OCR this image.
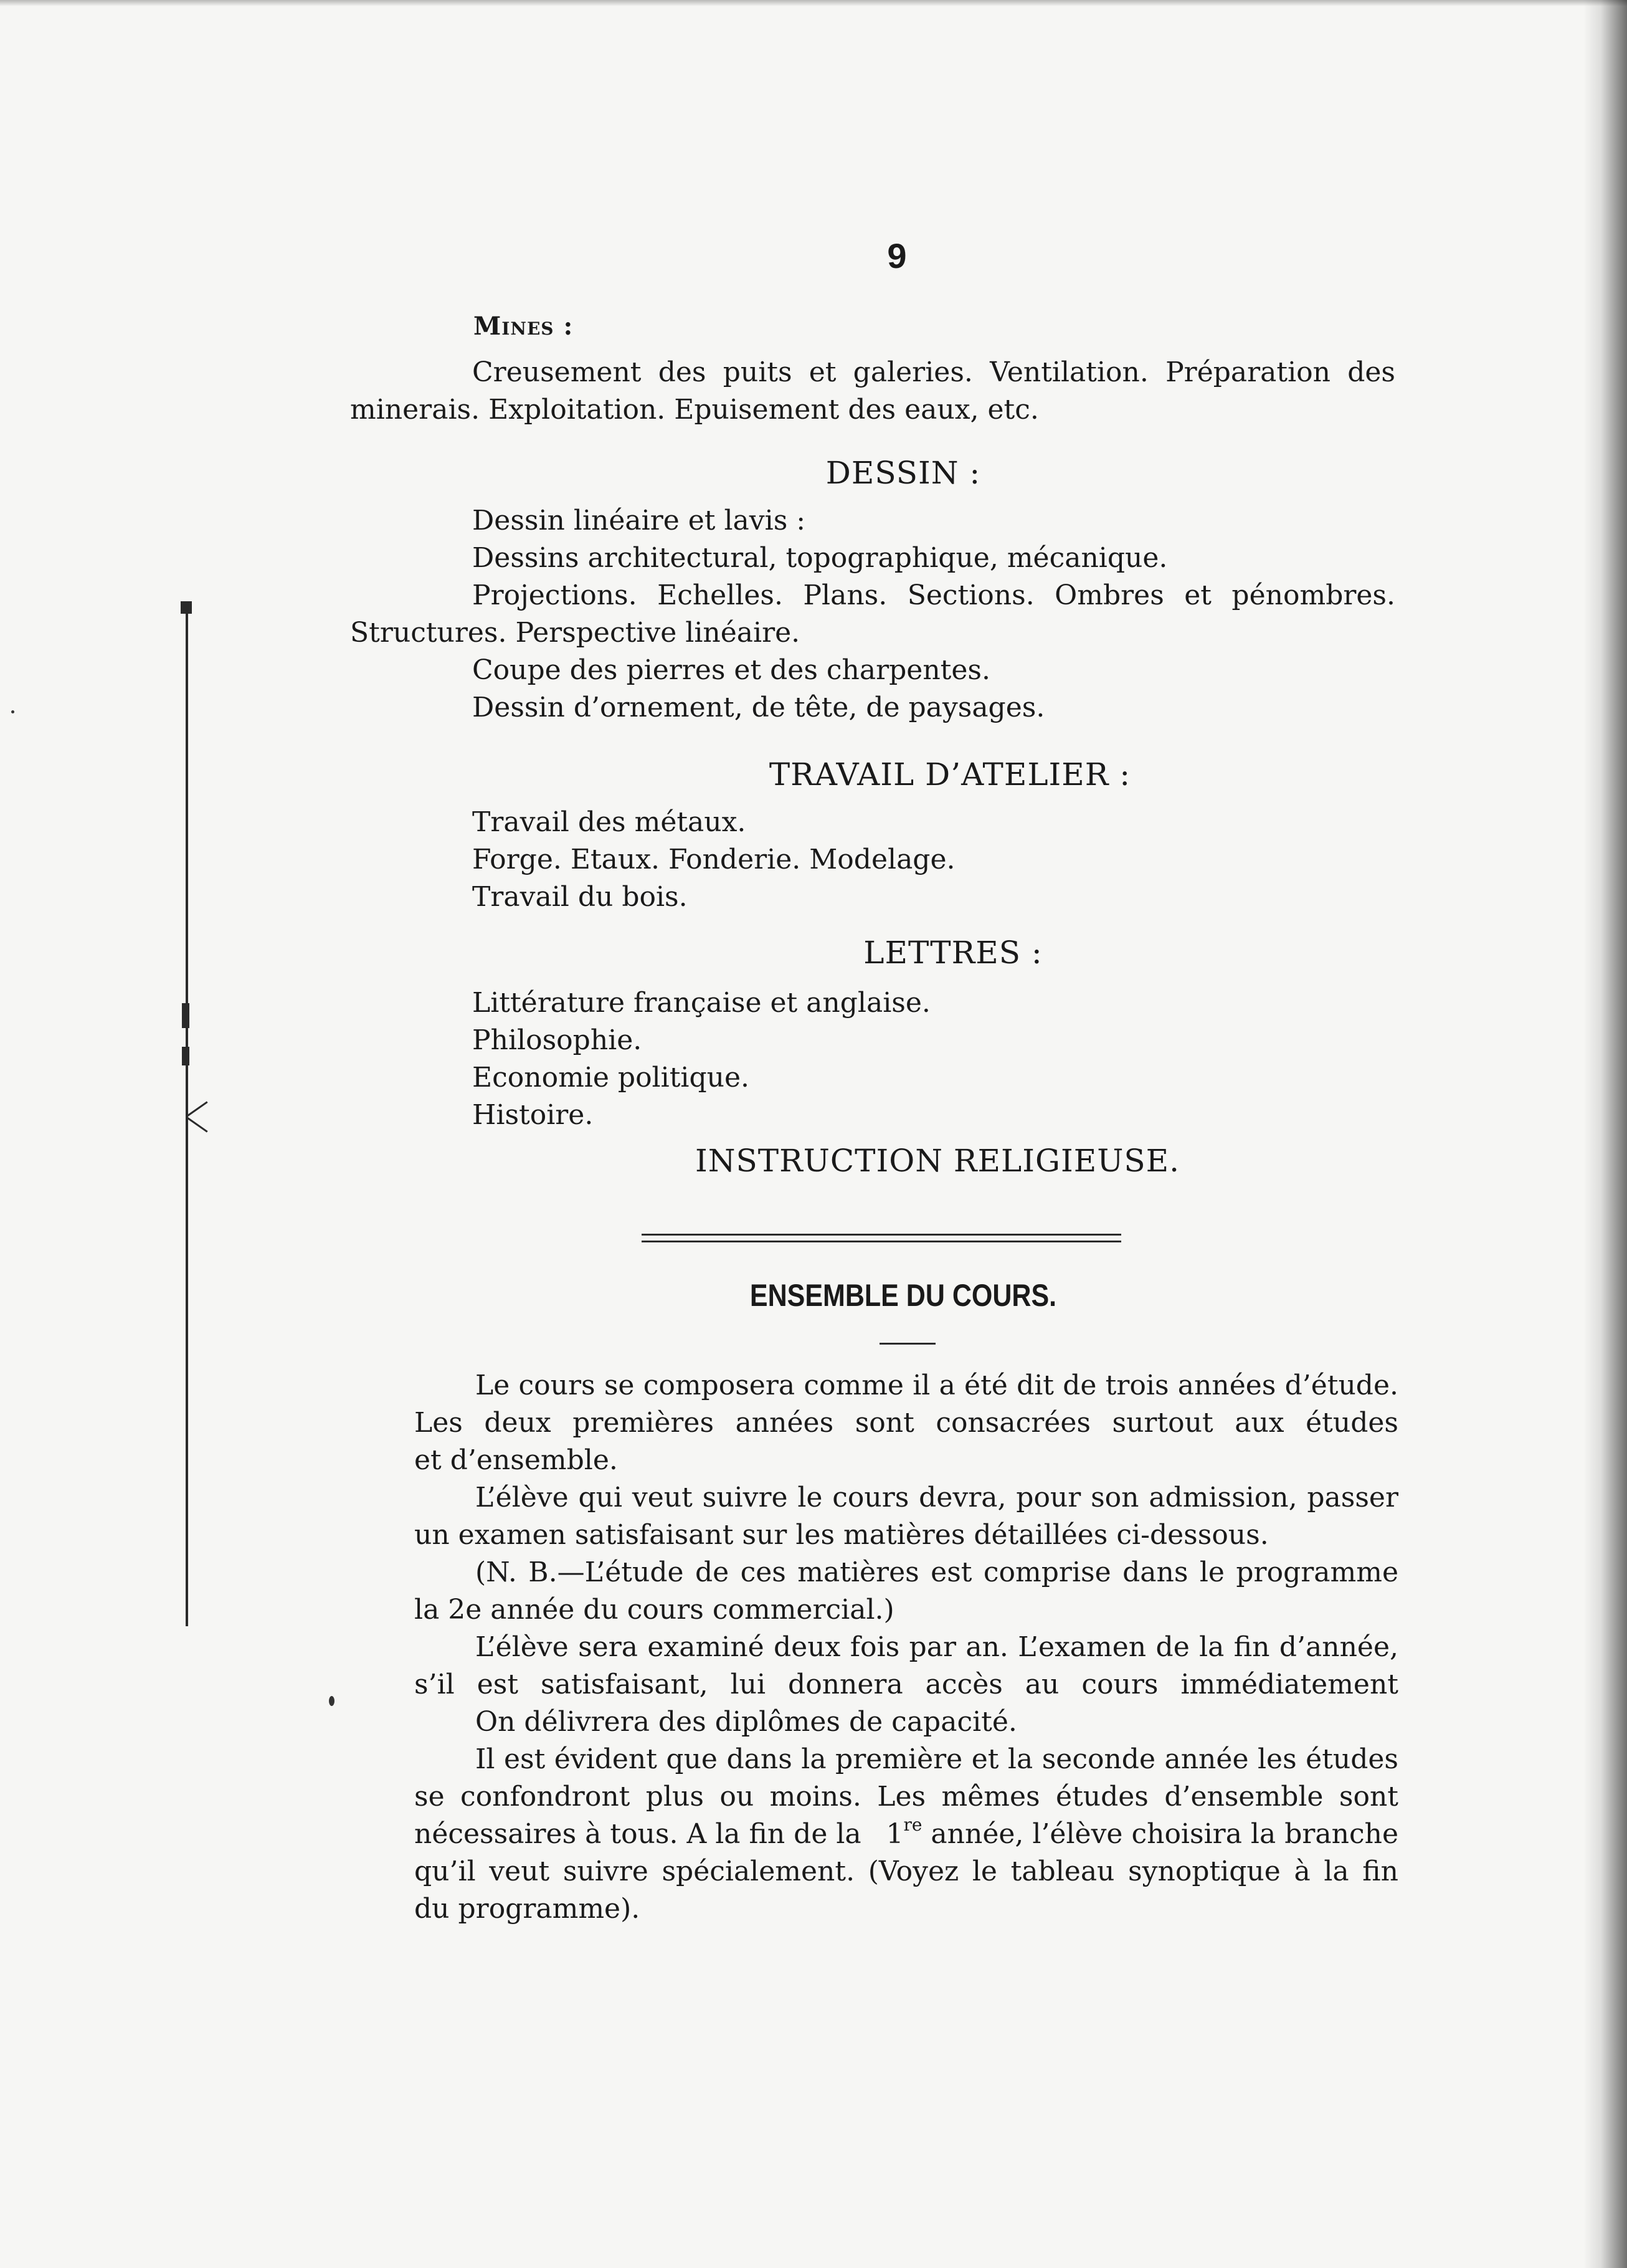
9
Mines :
Creusement des puits et galeries. Ventilation. Préparation des
minerais. Exploitation. Epuisement des eaux, etc.
DESSIN :
Dessin linéaire et lavis :
Dessins architectural, topographique, mécanique.
Projections. Echelles. Plans. Sections. Ombres et pénombres.
Structures. Perspective linéaire.
Coupe des pierres et des charpentes.
Dessin d’ornement, de tête, de paysages.
TRAVAIL D’ATELIER :
Travail des métaux.
Forge. Etaux. Fonderie. Modelage.
Travail du bois.
LETTRES :
Littérature française et anglaise.
Philosophie.
Economie politique.
Histoire.
INSTRUCTION RELIGIEUSE.
ENSEMBLE DU COURS.
Le cours se composera comme il a été dit de trois années d’étude.
Les deux premières années sont consacrées surtout aux études
et d’ensemble.
L’élève qui veut suivre le cours devra, pour son admission, passer
un examen satisfaisant sur les matières détaillées ci-dessous.
(N. B.—L’étude de ces matières est comprise dans le programme
la 2e année du cours commercial.)
L’élève sera examiné deux fois par an. L’examen de la fin d’année,
s’il est satisfaisant, lui donnera accès au cours immédiatement
On délivrera des diplômes de capacité.
Il est évident que dans la première et la seconde année les études
se confondront plus ou moins. Les mêmes études d’ensemble sont
nécessaires à tous. A la fin de la 1re année, l’élève choisira la branche
qu’il veut suivre spécialement. (Voyez le tableau synoptique à la fin
du programme).
